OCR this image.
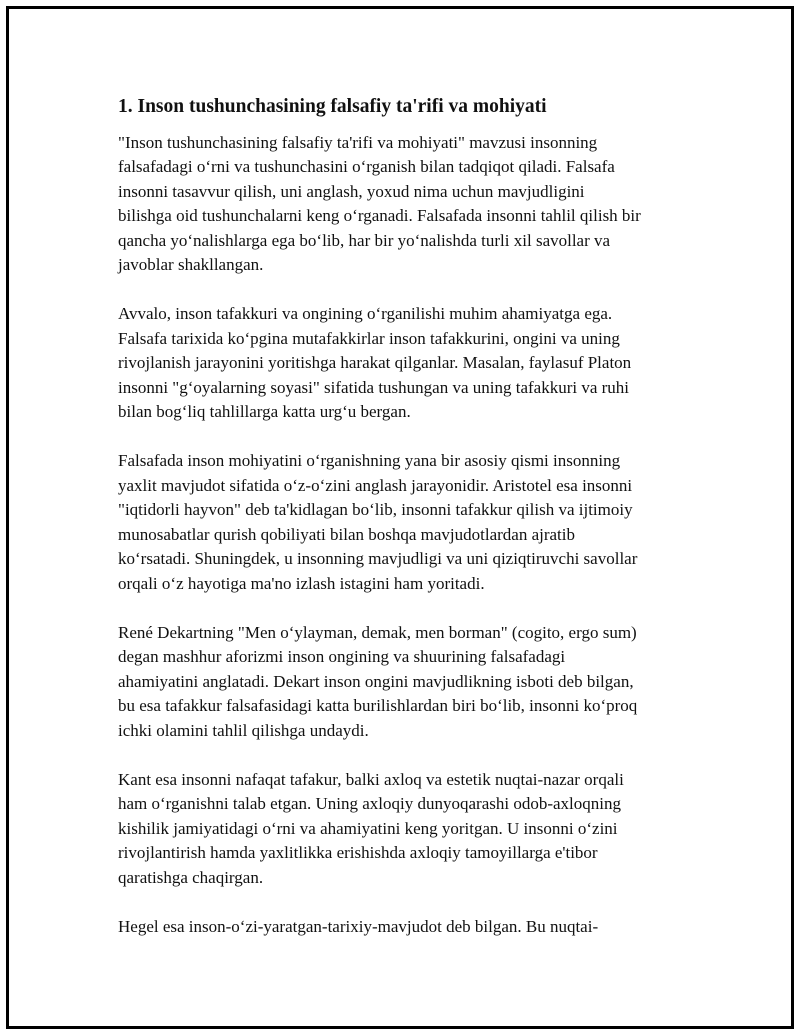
1. Inson tushunchasining falsafiy ta'rifi va mohiyati

"Inson tushunchasining falsafiy ta'rifi va mohiyati" mavzusi insonning
falsafadagi oʻrni va tushunchasini oʻrganish bilan tadqiqot qiladi. Falsafa
insonni tasavvur qilish, uni anglash, yoxud nima uchun mavjudligini
bilishga oid tushunchalarni keng oʻrganadi. Falsafada insonni tahlil qilish bir
qancha yoʻnalishlarga ega boʻlib, har bir yoʻnalishda turli xil savollar va
javoblar shakllangan.

Avvalo, inson tafakkuri va ongining oʻrganilishi muhim ahamiyatga ega.
Falsafa tarixida koʻpgina mutafakkirlar inson tafakkurini, ongini va uning
rivojlanish jarayonini yoritishga harakat qilganlar. Masalan, faylasuf Platon
insonni "gʻoyalarning soyasi" sifatida tushungan va uning tafakkuri va ruhi
bilan bogʻliq tahlillarga katta urgʻu bergan.

Falsafada inson mohiyatini oʻrganishning yana bir asosiy qismi insonning
yaxlit mavjudot sifatida oʻz-oʻzini anglash jarayonidir. Aristotel esa insonni
"iqtidorli hayvon" deb ta'kidlagan boʻlib, insonni tafakkur qilish va ijtimoiy
munosabatlar qurish qobiliyati bilan boshqa mavjudotlardan ajratib
koʻrsatadi. Shuningdek, u insonning mavjudligi va uni qiziqtiruvchi savollar
orqali oʻz hayotiga ma'no izlash istagini ham yoritadi.

René Dekartning "Men oʻylayman, demak, men borman" (cogito, ergo sum)
degan mashhur aforizmi inson ongining va shuurining falsafadagi
ahamiyatini anglatadi. Dekart inson ongini mavjudlikning isboti deb bilgan,
bu esa tafakkur falsafasidagi katta burilishlardan biri boʻlib, insonni koʻproq
ichki olamini tahlil qilishga undaydi.

Kant esa insonni nafaqat tafakur, balki axloq va estetik nuqtai-nazar orqali
ham oʻrganishni talab etgan. Uning axloqiy dunyoqarashi odob-axloqning
kishilik jamiyatidagi oʻrni va ahamiyatini keng yoritgan. U insonni oʻzini
rivojlantirish hamda yaxlitlikka erishishda axloqiy tamoyillarga e'tibor
qaratishga chaqirgan.

Hegel esa inson-oʻzi-yaratgan-tarixiy-mavjudot deb bilgan. Bu nuqtai-
